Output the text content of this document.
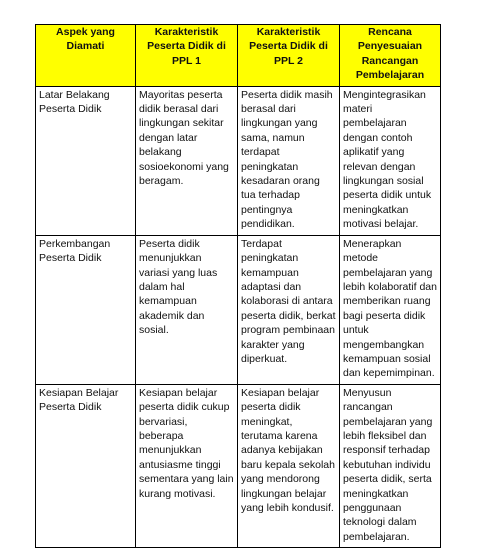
Aspek yang Diamati	Karakteristik Peserta Didik di PPL 1	Karakteristik Peserta Didik di PPL 2	Rencana Penyesuaian Rancangan Pembelajaran

Latar Belakang Peserta Didik	Mayoritas peserta didik berasal dari lingkungan sekitar dengan latar belakang sosioekonomi yang beragam.	Peserta didik masih berasal dari lingkungan yang sama, namun terdapat peningkatan kesadaran orang tua terhadap pentingnya pendidikan.	Mengintegrasikan materi pembelajaran dengan contoh aplikatif yang relevan dengan lingkungan sosial peserta didik untuk meningkatkan motivasi belajar.

Perkembangan Peserta Didik	Peserta didik menunjukkan variasi yang luas dalam hal kemampuan akademik dan sosial.	Terdapat peningkatan kemampuan adaptasi dan kolaborasi di antara peserta didik, berkat program pembinaan karakter yang diperkuat.	Menerapkan metode pembelajaran yang lebih kolaboratif dan memberikan ruang bagi peserta didik untuk mengembangkan kemampuan sosial dan kepemimpinan.

Kesiapan Belajar Peserta Didik	Kesiapan belajar peserta didik cukup bervariasi, beberapa menunjukkan antusiasme tinggi sementara yang lain kurang motivasi.	Kesiapan belajar peserta didik meningkat, terutama karena adanya kebijakan baru kepala sekolah yang mendorong lingkungan belajar yang lebih kondusif.	Menyusun rancangan pembelajaran yang lebih fleksibel dan responsif terhadap kebutuhan individu peserta didik, serta meningkatkan penggunaan teknologi dalam pembelajaran.
